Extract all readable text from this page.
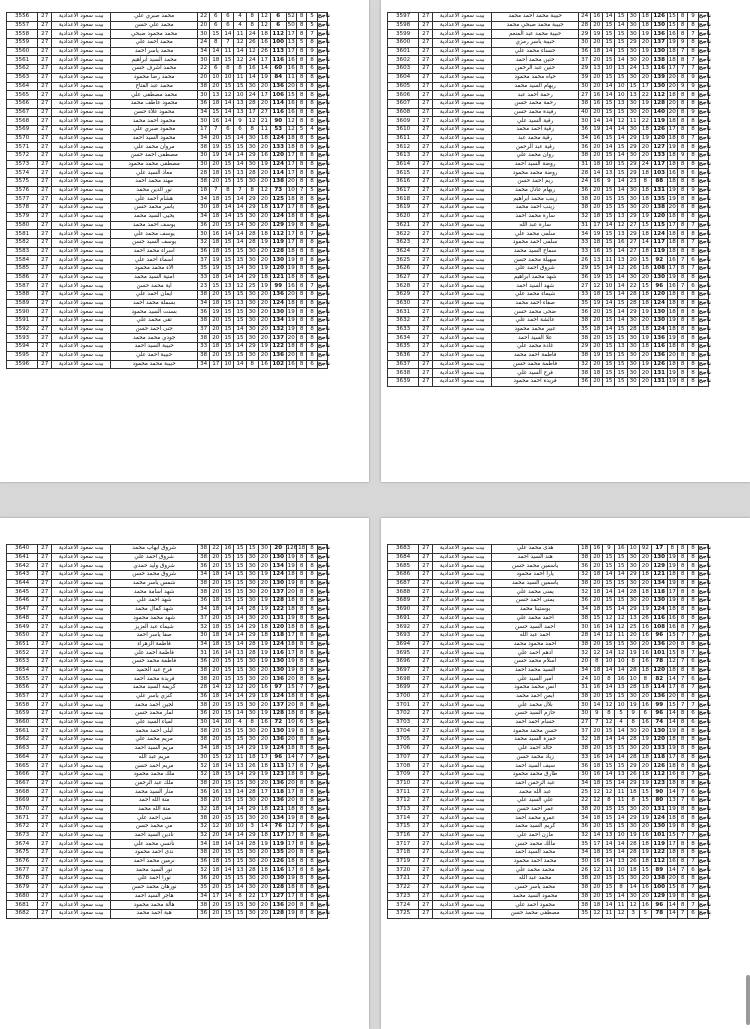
3556	27	بيت سعود الاعدادية	محمد صبري علي	22	6	6	4	8	12	6	52	8	5	ناجح
3557	27	بيت سعود الاعدادية	محمد علي حسن	20	6	6	4	8	12	6	50	8	5	ناجح
3558	27	بيت سعود الاعدادية	محمد محمود صبحي	30	15	14	11	24	18	112	17	8	7	ناجح
3559	27	بيت سعود الاعدادية	محمد احمد علي	24	8	7	12	26	16	100	13	5	8	ناجح
3560	27	بيت سعود الاعدادية	محمد ياسر احمد	34	14	11	14	12	26	113	17	8	9	ناجح
3561	27	بيت سعود الاعدادية	محمد السيد ابراهيم	30	18	15	12	24	17	116	16	8	8	ناجح
3562	27	بيت سعود الاعدادية	محمد اشرف حسن	22	6	8	8	16	14	60	16	8	6	ناجح
3563	27	بيت سعود الاعدادية	محمد رضا محمود	20	10	10	11	14	19	84	11	8	8	ناجح
3564	27	بيت سعود الاعدادية	محمد عبد الفتاح	38	20	15	15	30	20	136	20	8	8	ناجح
3565	27	بيت سعود الاعدادية	محمد مصطفى علي	30	13	12	10	24	17	106	15	8	8	ناجح
3566	27	بيت سعود الاعدادية	محمود عاطف محمد	36	18	14	13	28	20	114	16	8	8	ناجح
3567	27	بيت سعود الاعدادية	محمود علاء حسن	34	15	14	13	17	27	116	16	8	8	ناجح
3568	27	بيت سعود الاعدادية	محمود احمد محمد	30	16	14	9	12	21	90	12	8	8	ناجح
3569	27	بيت سعود الاعدادية	محمود صبري علي	17	7	6	6	8	11	53	12	5	4	ناجح
3570	27	بيت سعود الاعدادية	محمود السيد احمد	34	20	15	14	30	18	124	18	8	8	ناجح
3571	27	بيت سعود الاعدادية	مروان محمد علي	38	19	15	15	30	20	133	18	8	9	ناجح
3572	27	بيت سعود الاعدادية	مصطفى احمد حسن	30	19	14	14	29	16	120	17	8	8	ناجح
3573	27	بيت سعود الاعدادية	مصطفى محمد محمود	30	20	15	14	30	19	124	17	8	8	ناجح
3574	27	بيت سعود الاعدادية	معاذ السيد علي	28	18	15	13	28	20	114	17	8	8	ناجح
3575	27	بيت سعود الاعدادية	مهند محمد احمد	38	20	15	15	30	20	138	20	8	8	ناجح
3576	27	بيت سعود الاعدادية	نور الدين محمد	18	7	8	7	8	12	73	10	7	5	ناجح
3577	27	بيت سعود الاعدادية	هشام احمد علي	34	18	15	14	29	20	125	18	8	8	ناجح
3578	27	بيت سعود الاعدادية	ياسر محمد حسن	30	18	14	14	29	18	117	17	8	8	ناجح
3579	27	بيت سعود الاعدادية	يحيى السيد محمد	34	18	14	15	30	20	124	18	8	8	ناجح
3580	27	بيت سعود الاعدادية	يوسف احمد محمد	36	20	15	14	30	20	129	19	8	8	ناجح
3581	27	بيت سعود الاعدادية	يوسف محمد علي	30	16	14	14	28	18	112	17	8	7	ناجح
3582	27	بيت سعود الاعدادية	يوسف السيد حسن	32	18	15	14	28	19	119	17	8	8	ناجح
3583	27	بيت سعود الاعدادية	اسراء محمد احمد	36	18	15	15	30	20	128	18	8	8	ناجح
3584	27	بيت سعود الاعدادية	اسماء احمد علي	37	19	15	15	30	20	130	19	8	8	ناجح
3585	27	بيت سعود الاعدادية	الاء محمد محمود	35	19	15	14	30	19	120	19	8	8	ناجح
3586	27	بيت سعود الاعدادية	امنية السيد محمد	33	18	14	14	29	18	121	18	8	8	ناجح
3587	27	بيت سعود الاعدادية	اية محمد حسن	23	15	13	12	25	19	99	16	8	7	ناجح
3588	27	بيت سعود الاعدادية	ايمان احمد علي	38	20	15	15	30	20	136	20	8	8	ناجح
3589	27	بيت سعود الاعدادية	بسملة محمد احمد	34	18	15	13	30	20	124	18	8	8	ناجح
3590	27	بيت سعود الاعدادية	بسنت السيد محمود	36	19	15	15	30	20	130	19	8	8	ناجح
3591	27	بيت سعود الاعدادية	تقى محمد علي	38	20	15	15	30	20	134	19	8	8	ناجح
3592	27	بيت سعود الاعدادية	جنى احمد حسن	37	20	15	14	30	20	132	19	8	8	ناجح
3593	27	بيت سعود الاعدادية	جودي محمد محمد	38	20	15	15	30	20	137	20	8	8	ناجح
3594	27	بيت سعود الاعدادية	حبيبة السيد احمد	33	18	15	14	29	19	122	18	8	8	ناجح
3595	27	بيت سعود الاعدادية	حبيبة احمد علي	38	20	15	15	30	20	136	20	8	8	ناجح
3596	27	بيت سعود الاعدادية	حبيبة محمد محمود	34	17	10	14	8	16	102	16	8	6	ناجح
3597	27	بيت سعود الاعدادية	حبيبة محمد احمد محمد	24	16	14	15	30	18	126	15	8	9	ناجح
3598	27	بيت سعود الاعدادية	حبيبة محمد صبحي محمد	28	20	15	14	30	18	130	15	8	8	ناجح
3599	27	بيت سعود الاعدادية	حبيبة محمد عبد المنعم	29	19	15	15	30	19	136	16	8	7	ناجح
3600	27	بيت سعود الاعدادية	حبيبة ياسر رمزي	30	20	15	15	29	20	137	19	9	8	ناجح
3601	27	بيت سعود الاعدادية	حسناء محمد علي	36	18	14	15	30	19	130	18	7	8	ناجح
3602	27	بيت سعود الاعدادية	حنين محمد احمد	37	20	15	14	30	20	138	18	8	7	ناجح
3603	27	بيت سعود الاعدادية	حنين عبد الرحمن	29	13	10	13	24	13	116	17	7	7	ناجح
3604	27	بيت سعود الاعدادية	حياه محمد محمود	39	20	15	15	30	20	139	20	8	9	ناجح
3605	27	بيت سعود الاعدادية	ريهام السيد محمد	30	20	14	10	15	17	130	20	9	9	ناجح
3606	27	بيت سعود الاعدادية	رحمة احمد عبد	27	16	14	10	13	22	112	18	8	8	ناجح
3607	27	بيت سعود الاعدادية	رحمة محمد حسن	38	16	15	13	30	19	128	20	8	8	ناجح
3608	27	بيت سعود الاعدادية	رفيدة محمد حسن	40	20	15	15	30	20	140	20	8	9	ناجح
3609	27	بيت سعود الاعدادية	رقية السيد علي	30	14	14	12	11	22	119	18	8	8	ناجح
3610	27	بيت سعود الاعدادية	رقية احمد محمد	36	19	14	14	30	18	126	17	8	8	ناجح
3611	27	بيت سعود الاعدادية	رقية محمد عبد	34	16	15	14	29	19	120	18	8	7	ناجح
3612	27	بيت سعود الاعدادية	رقية عبد الرحمن	36	20	14	15	29	20	127	19	8	8	ناجح
3613	27	بيت سعود الاعدادية	روان محمد علي	38	20	15	14	30	20	133	18	9	8	ناجح
3614	27	بيت سعود الاعدادية	روضة السيد احمد	31	18	10	15	29	24	117	18	8	8	ناجح
3615	27	بيت سعود الاعدادية	روضة محمد محمود	28	14	13	15	29	18	103	16	8	6	ناجح
3616	27	بيت سعود الاعدادية	ريم احمد حسن	24	16	9	14	23	8	88	18	8	8	ناجح
3617	27	بيت سعود الاعدادية	ريهام عادل محمد	36	20	15	14	30	18	131	19	8	9	ناجح
3618	27	بيت سعود الاعدادية	زينب محمد ابراهيم	38	20	15	15	30	18	135	19	8	8	ناجح
3619	27	بيت سعود الاعدادية	زينب احمد محمد	38	20	15	15	30	20	138	20	8	8	ناجح
3620	27	بيت سعود الاعدادية	سارة محمد احمد	32	18	15	13	29	19	120	18	8	8	ناجح
3621	27	بيت سعود الاعدادية	سارة عبد الله	31	17	14	12	27	15	115	17	8	7	ناجح
3622	27	بيت سعود الاعدادية	سلمى محمد علي	34	19	15	13	29	18	124	18	8	8	ناجح
3623	27	بيت سعود الاعدادية	سلمى احمد محمود	33	18	15	16	27	14	117	18	8	7	ناجح
3624	27	بيت سعود الاعدادية	سماح السيد محمد	33	16	15	14	27	18	119	18	8	8	ناجح
3625	27	بيت سعود الاعدادية	سهيلة محمد حسن	26	13	11	13	20	15	92	16	7	6	ناجح
3626	27	بيت سعود الاعدادية	شروق احمد علي	29	15	14	12	26	16	108	17	8	7	ناجح
3627	27	بيت سعود الاعدادية	شهد محمد ابراهيم	36	19	15	14	30	20	130	19	8	8	ناجح
3628	27	بيت سعود الاعدادية	شهد السيد احمد	27	12	10	14	22	15	96	16	7	6	ناجح
3629	27	بيت سعود الاعدادية	شيماء محمد علي	33	18	15	14	28	18	120	18	8	8	ناجح
3630	27	بيت سعود الاعدادية	صفاء احمد محمد	35	19	14	15	28	18	124	18	8	8	ناجح
3631	27	بيت سعود الاعدادية	ضحى محمد حسن	36	20	15	14	29	19	130	18	8	8	ناجح
3632	27	بيت سعود الاعدادية	عائشة احمد علي	38	20	15	14	30	20	130	19	8	8	ناجح
3633	27	بيت سعود الاعدادية	عبير محمد محمود	35	18	14	15	28	18	124	18	8	8	ناجح
3634	27	بيت سعود الاعدادية	علا السيد احمد	38	20	15	15	30	19	136	19	8	8	ناجح
3635	27	بيت سعود الاعدادية	غادة محمد علي	29	20	15	13	30	18	116	18	8	8	ناجح
3636	27	بيت سعود الاعدادية	فاطمة احمد محمد	38	19	15	15	30	20	136	20	8	8	ناجح
3637	27	بيت سعود الاعدادية	فاطمة محمد حسن	32	20	15	15	30	19	126	18	8	8	ناجح
3638	27	بيت سعود الاعدادية	فرح السيد علي	38	18	15	15	30	20	131	19	8	8	ناجح
3639	27	بيت سعود الاعدادية	فريدة احمد محمود	36	20	15	15	30	20	131	19	8	8	ناجح
3640	27	بيت سعود الاعدادية	شروق ايهاب محمد	38	22	16	15	15	30	20	126	18	8	ناجح
3641	27	بيت سعود الاعدادية	شروق احمد علي	38	20	15	15	30	20	130	19	8	8	ناجح
3642	27	بيت سعود الاعدادية	شروق وليد حمدي	36	20	15	15	30	20	134	19	8	8	ناجح
3643	27	بيت سعود الاعدادية	شروق محمد حسن	34	18	14	15	30	19	124	18	8	8	ناجح
3644	27	بيت سعود الاعدادية	شمس ياسر محمد	38	20	15	15	30	20	130	19	8	8	ناجح
3645	27	بيت سعود الاعدادية	شهد اسامة محمد	38	20	15	15	30	20	137	20	8	8	ناجح
3646	27	بيت سعود الاعدادية	شهد احمد علي	36	18	15	15	30	19	128	18	8	8	ناجح
3647	27	بيت سعود الاعدادية	شهد كمال محمد	34	18	14	14	28	19	122	18	8	8	ناجح
3648	27	بيت سعود الاعدادية	شهد محمد محمود	37	20	15	14	30	20	131	19	8	8	ناجح
3649	27	بيت سعود الاعدادية	شيماء عبد العزيز	32	18	15	14	29	18	120	18	8	8	ناجح
3650	27	بيت سعود الاعدادية	صفا ياسر احمد	30	18	14	14	29	18	118	17	8	8	ناجح
3651	27	بيت سعود الاعدادية	فاطمة الزهراء	34	18	15	14	28	19	124	18	8	8	ناجح
3652	27	بيت سعود الاعدادية	فاطمة احمد علي	31	16	14	13	28	19	116	17	8	8	ناجح
3653	27	بيت سعود الاعدادية	فاطمة محمد حسن	36	20	15	15	30	19	130	19	8	8	ناجح
3654	27	بيت سعود الاعدادية	فرح عبد الحميد	38	20	15	15	30	20	130	19	8	8	ناجح
3655	27	بيت سعود الاعدادية	فريدة محمد احمد	38	20	15	15	30	20	136	20	8	8	ناجح
3656	27	بيت سعود الاعدادية	كريمة السيد محمد	28	14	12	12	20	16	97	15	7	7	ناجح
3657	27	بيت سعود الاعدادية	كنزي ياسر علي	36	18	14	14	29	18	124	18	8	8	ناجح
3658	27	بيت سعود الاعدادية	لجين احمد محمد	38	20	15	15	30	20	137	20	8	8	ناجح
3659	27	بيت سعود الاعدادية	لمار محمد حسن	36	20	15	14	30	19	128	18	8	8	ناجح
3660	27	بيت سعود الاعدادية	لمياء السيد علي	30	14	10	4	8	16	72	10	6	5	ناجح
3661	27	بيت سعود الاعدادية	ليلى احمد محمد	38	20	15	15	30	20	130	19	8	8	ناجح
3662	27	بيت سعود الاعدادية	مريم محمد علي	38	20	15	15	30	20	136	20	8	8	ناجح
3663	27	بيت سعود الاعدادية	مريم السيد احمد	34	18	15	14	29	19	124	18	8	8	ناجح
3664	27	بيت سعود الاعدادية	مريم عبد الله	30	15	12	11	18	17	96	14	7	7	ناجح
3665	27	بيت سعود الاعدادية	مريم احمد حسن	32	18	14	13	26	18	113	17	8	7	ناجح
3666	27	بيت سعود الاعدادية	ملك محمد محمود	32	18	15	14	29	19	123	18	8	8	ناجح
3667	27	بيت سعود الاعدادية	ملك عبد الرحمن	38	20	15	15	30	20	136	20	8	8	ناجح
3668	27	بيت سعود الاعدادية	منار السيد محمد	36	16	13	14	28	17	118	17	8	8	ناجح
3669	27	بيت سعود الاعدادية	منة الله احمد	38	20	15	15	30	20	136	20	8	8	ناجح
3670	27	بيت سعود الاعدادية	منة الله محمد	32	18	14	14	29	18	121	18	8	8	ناجح
3671	27	بيت سعود الاعدادية	منى احمد علي	38	20	15	15	30	20	134	19	8	8	ناجح
3672	27	بيت سعود الاعدادية	مي محمد حسن	32	12	10	10	3	14	76	12	7	6	ناجح
3673	27	بيت سعود الاعدادية	نادين السيد احمد	32	20	14	14	29	18	117	17	8	8	ناجح
3674	27	بيت سعود الاعدادية	نانسي محمد علي	34	18	14	14	28	19	119	17	8	8	ناجح
3675	27	بيت سعود الاعدادية	ندى احمد محمود	38	20	15	15	30	20	135	20	8	8	ناجح
3676	27	بيت سعود الاعدادية	نرمين محمد احمد	36	18	15	15	30	20	126	18	8	8	ناجح
3677	27	بيت سعود الاعدادية	نور السيد محمد	32	18	14	13	28	18	116	17	8	8	ناجح
3678	27	بيت سعود الاعدادية	نورا احمد علي	36	20	15	15	30	20	130	19	8	8	ناجح
3679	27	بيت سعود الاعدادية	نورهان محمد حسن	35	20	15	14	30	20	128	18	8	8	ناجح
3680	27	بيت سعود الاعدادية	هاجر السيد احمد	34	17	14	8	22	17	127	17	8	8	ناجح
3681	27	بيت سعود الاعدادية	هالة محمد محمود	38	20	15	15	30	20	136	20	8	8	ناجح
3682	27	بيت سعود الاعدادية	هبة احمد محمد	36	20	15	15	30	20	128	19	8	8	ناجح
3683	27	بيت سعود الاعدادية	هدى محمد علي	18	16	9	16	10	92	17	8	8	8	ناجح
3684	27	بيت سعود الاعدادية	هند السيد احمد	38	20	15	15	30	20	130	19	8	8	ناجح
3685	27	بيت سعود الاعدادية	ياسمين محمد حسن	36	20	15	15	30	20	129	19	8	8	ناجح
3686	27	بيت سعود الاعدادية	يارا احمد محمود	32	18	14	14	29	18	121	18	8	8	ناجح
3687	27	بيت سعود الاعدادية	ياسمين السيد محمد	38	20	15	15	30	20	134	19	8	8	ناجح
3688	27	بيت سعود الاعدادية	يمنى محمد علي	32	18	14	14	28	18	118	17	8	8	ناجح
3689	27	بيت سعود الاعدادية	يمنى احمد حسن	36	20	15	15	30	20	130	19	8	8	ناجح
3690	27	بيت سعود الاعدادية	يوستينا محمد	34	18	15	14	29	19	124	18	8	8	ناجح
3691	27	بيت سعود الاعدادية	احمد محمد علي	38	15	12	12	13	26	116	16	8	8	ناجح
3692	27	بيت سعود الاعدادية	احمد السيد حسن	30	16	14	12	25	16	108	16	8	7	ناجح
3693	27	بيت سعود الاعدادية	احمد عبد الله	28	14	12	11	20	16	96	15	7	7	ناجح
3694	27	بيت سعود الاعدادية	احمد محمود محمد	38	20	15	15	30	20	136	20	8	8	ناجح
3695	27	بيت سعود الاعدادية	ادهم احمد علي	32	12	14	12	19	16	101	15	8	7	ناجح
3696	27	بيت سعود الاعدادية	اسلام محمد حسن	20	8	10	10	8	16	78	12	7	6	ناجح
3697	27	بيت سعود الاعدادية	السيد محمد احمد	34	18	14	14	28	18	120	18	8	8	ناجح
3698	27	بيت سعود الاعدادية	امير السيد علي	24	10	8	16	10	8	82	14	7	6	ناجح
3699	27	بيت سعود الاعدادية	انس محمد محمود	31	16	14	13	28	18	114	17	8	7	ناجح
3700	27	بيت سعود الاعدادية	ايمن احمد محمد	38	20	15	15	30	20	136	20	8	8	ناجح
3701	27	بيت سعود الاعدادية	بلال محمد علي	30	14	12	10	19	16	99	15	7	7	ناجح
3702	27	بيت سعود الاعدادية	حازم السيد حسن	30	9	8	5	9	6	96	14	8	6	ناجح
3703	27	بيت سعود الاعدادية	حسام احمد احمد	27	7	12	4	8	16	74	14	8	6	ناجح
3704	27	بيت سعود الاعدادية	حسن محمد محمود	37	20	15	14	30	20	130	19	8	8	ناجح
3705	27	بيت سعود الاعدادية	حمزة السيد محمد	32	18	14	14	28	19	120	18	8	8	ناجح
3706	27	بيت سعود الاعدادية	خالد احمد علي	38	20	15	15	30	20	133	19	8	8	ناجح
3707	27	بيت سعود الاعدادية	زياد محمد حسن	33	16	14	14	28	18	118	17	8	8	ناجح
3708	27	بيت سعود الاعدادية	سيف السيد احمد	36	18	15	15	29	20	126	18	8	8	ناجح
3709	27	بيت سعود الاعدادية	طارق محمد محمود	30	16	14	13	26	18	112	16	8	7	ناجح
3710	27	بيت سعود الاعدادية	عبد الرحمن احمد	34	18	15	14	29	19	123	18	8	8	ناجح
3711	27	بيت سعود الاعدادية	عبد الله محمد	25	12	12	11	18	15	90	14	7	6	ناجح
3712	27	بيت سعود الاعدادية	علي السيد علي	22	12	8	11	8	15	80	13	7	6	ناجح
3713	27	بيت سعود الاعدادية	عمر احمد حسن	38	20	15	15	30	20	131	19	8	8	ناجح
3714	27	بيت سعود الاعدادية	عمرو محمد احمد	34	18	15	14	29	19	124	18	8	8	ناجح
3715	27	بيت سعود الاعدادية	كريم السيد محمد	36	20	15	15	30	20	130	19	8	8	ناجح
3716	27	بيت سعود الاعدادية	مازن احمد علي	32	14	13	10	19	16	101	15	7	7	ناجح
3717	27	بيت سعود الاعدادية	مالك محمد حسن	35	17	14	14	28	18	119	17	8	8	ناجح
3718	27	بيت سعود الاعدادية	محمد السيد احمد	34	18	15	14	28	19	122	18	8	8	ناجح
3719	27	بيت سعود الاعدادية	محمد احمد محمود	30	16	14	13	26	18	112	16	8	7	ناجح
3720	27	بيت سعود الاعدادية	محمد محمد علي	26	12	11	10	18	15	89	14	7	6	ناجح
3721	27	بيت سعود الاعدادية	محمد عبد الله	38	20	15	15	30	20	138	20	8	8	ناجح
3722	27	بيت سعود الاعدادية	محمد ياسر حسن	38	20	15	8	14	16	100	15	8	7	ناجح
3723	27	بيت سعود الاعدادية	محمود السيد محمد	38	20	15	14	30	20	129	19	8	8	ناجح
3724	27	بيت سعود الاعدادية	محمود احمد علي	38	18	14	11	12	16	96	14	8	7	ناجح
3725	27	بيت سعود الاعدادية	مصطفى محمد حسن	35	12	11	12	3	5	78	14	7	6	ناجح
